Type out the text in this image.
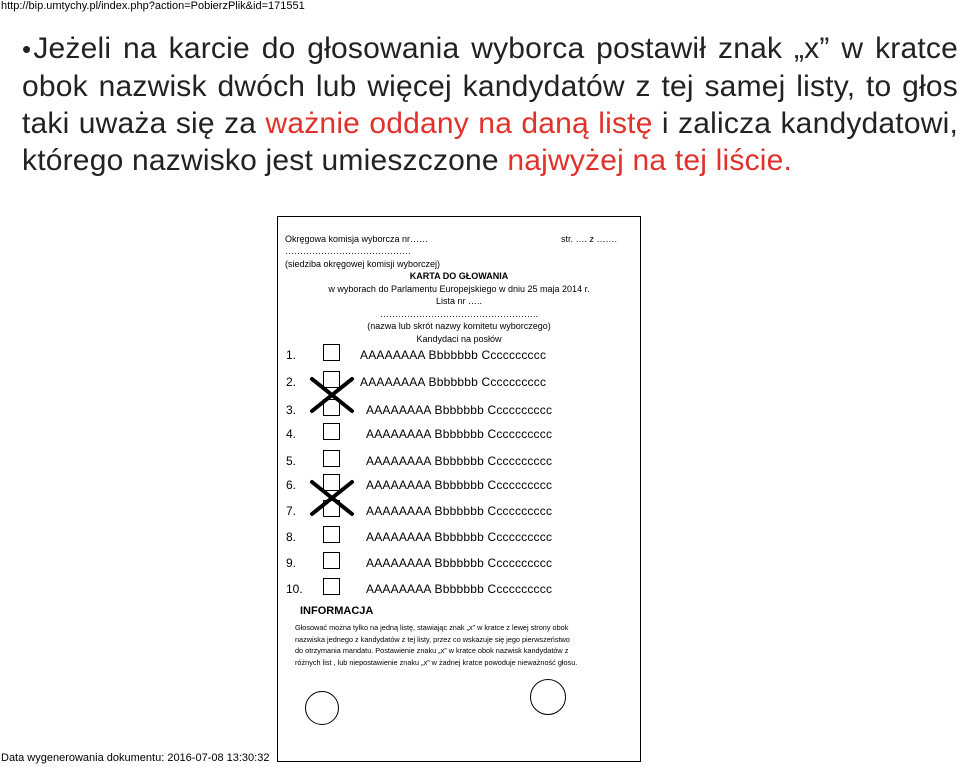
http://bip.umtychy.pl/index.php?action=PobierzPlik&id=171551
•Jeżeli na karcie do głosowania wyborca postawił znak „x” w kratce obok nazwisk dwóch lub więcej kandydatów z tej samej listy, to głos taki uważa się za ważnie oddany na daną listę i zalicza kandydatowi, którego nazwisko jest umieszczone najwyżej na tej liście.
Okręgowa komisja wyborcza nr……	str. …. z …….
……………………………………
(siedziba okręgowej komisji wyborczej)
KARTA DO GŁOWANIA
w wyborach do Parlamentu Europejskiego w dniu 25 maja 2014 r.
Lista nr …..
……………………………………………..
(nazwa lub skrót nazwy komitetu wyborczego)
Kandydaci na posłów
1.	AAAAAAAA Bbbbbbb Cccccccccc
2.	AAAAAAAA Bbbbbbb Cccccccccc
3.	AAAAAAAA Bbbbbbb Cccccccccc
4.	AAAAAAAA Bbbbbbb Cccccccccc
5.	AAAAAAAA Bbbbbbb Cccccccccc
6.	AAAAAAAA Bbbbbbb Cccccccccc
7.	AAAAAAAA Bbbbbbb Cccccccccc
8.	AAAAAAAA Bbbbbbb Cccccccccc
9.	AAAAAAAA Bbbbbbb Cccccccccc
10.	AAAAAAAA Bbbbbbb Cccccccccc
INFORMACJA
Głosować można tylko na jedną listę, stawiając znak „x” w kratce z lewej strony obok
nazwiska jednego z kandydatów z tej listy, przez co wskazuje się jego pierwszeństwo
do otrzymania mandatu. Postawienie znaku „x” w kratce obok nazwisk kandydatów z
różnych list , lub niepostawienie znaku „x” w żadnej kratce powoduje nieważność głosu.
Data wygenerowania dokumentu: 2016-07-08 13:30:32
